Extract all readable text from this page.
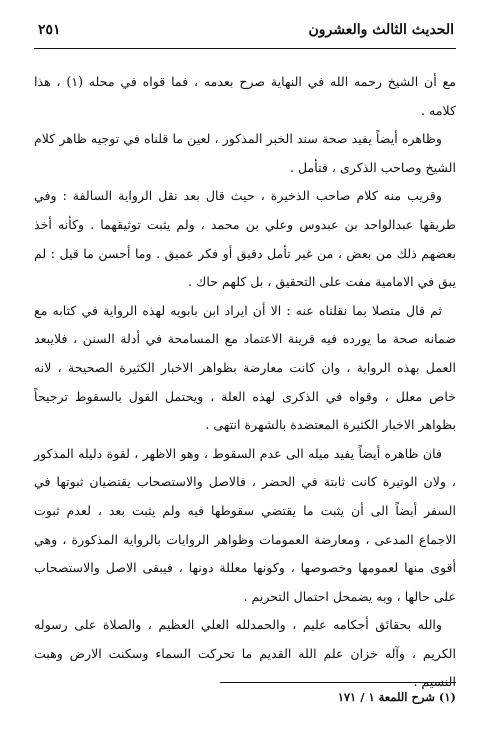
الحديث الثالث والعشرون
٢٥١

مع أن الشيخ رحمه الله في النهاية صرح بعدمه ، فما قواه في محله (١) ، هذا كلامه .

وظاهره أيضاً يفيد صحة سند الخبر المذكور ، لعين ما قلناه في توجيه ظاهر كلام الشيخ وصاحب الذكرى ، فتأمل .

وقريب منه كلام صاحب الذخيرة ، حيث قال بعد نقل الرواية السالفة : وفي طريقها عبدالواحد بن عبدوس وعلي بن محمد ، ولم يثبت توثيقهما . وكأنه أخذ بعضهم ذلك من بعض ، من غير تأمل دقيق أو فكر عميق . وما أحسن ما قيل : لم يبق في الامامية مفت على التحقيق ، بل كلهم حاك .

ثم قال متصلا بما نقلناه عنه : الا أن ايراد ابن بابويه لهذه الرواية في كتابه مع ضمانه صحة ما يورده فيه قرينة الاعتماد مع المسامحة في أدلة السنن ، فلايبعد العمل بهذه الرواية ، وان كانت معارضة بظواهر الاخبار الكثيرة الصحيحة ، لانه خاص معلل ، وقواه في الذكرى لهذه العلة ، ويحتمل القول بالسقوط ترجيحاً بظواهر الاخبار الكثيرة المعتضدة بالشهرة انتهى .

فان ظاهره أيضاً يفيد ميله الى عدم السقوط ، وهو الاظهر ، لقوة دليله المذكور ، ولان الوتيرة كانت ثابتة في الحضر ، فالاصل والاستصحاب يقتضيان ثبوتها في السفر أيضاً الى أن يثبت ما يقتضي سقوطها فيه ولم يثبت بعد ، لعدم ثبوت الاجماع المدعى ، ومعارضة العمومات وظواهر الروايات بالرواية المذكورة ، وهي أقوى منها لعمومها وخصوصها ، وكونها معللة دونها ، فيبقى الاصل والاستصحاب على حالها ، وبه يضمحل احتمال التحريم .

والله بحقائق أحكامه عليم ، والحمدلله العلي العظيم ، والصلاة على رسوله الكريم ، وآله خزان علم الله القديم ما تحركت السماء وسكنت الارض وهبت النسيم .

(١) شرح اللمعة ١ / ١٧١
